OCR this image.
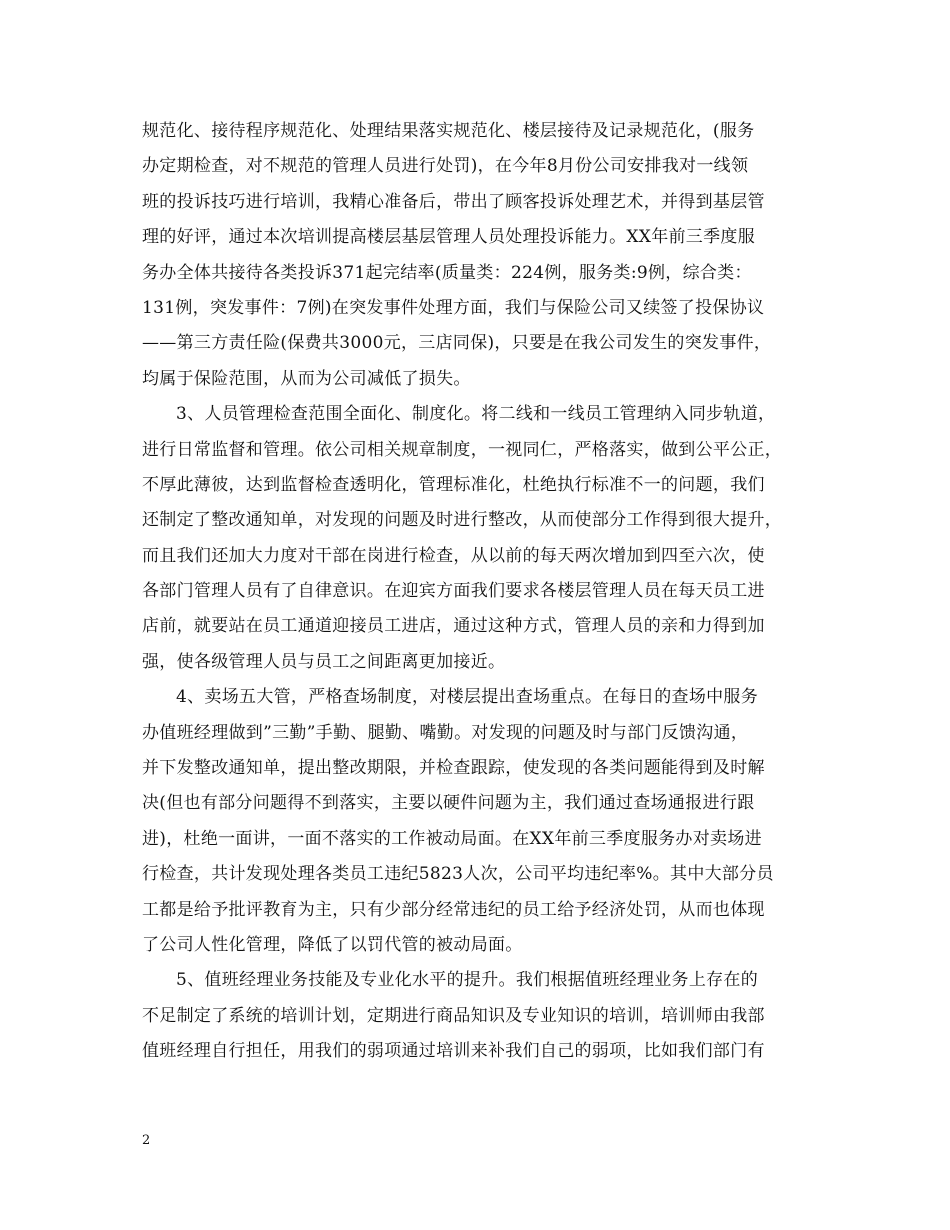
规范化、接待程序规范化、处理结果落实规范化、楼层接待及记录规范化，(服务
办定期检查，对不规范的管理人员进行处罚)，在今年8月份公司安排我对一线领
班的投诉技巧进行培训，我精心准备后，带出了顾客投诉处理艺术，并得到基层管
理的好评，通过本次培训提高楼层基层管理人员处理投诉能力。XX年前三季度服
务办全体共接待各类投诉371起完结率(质量类：224例，服务类:9例，综合类：
131例，突发事件：7例)在突发事件处理方面，我们与保险公司又续签了投保协议
——第三方责任险(保费共3000元，三店同保)，只要是在我公司发生的突发事件，
均属于保险范围，从而为公司减低了损失。
3、人员管理检查范围全面化、制度化。将二线和一线员工管理纳入同步轨道，
进行日常监督和管理。依公司相关规章制度，一视同仁，严格落实，做到公平公正，
不厚此薄彼，达到监督检查透明化，管理标准化，杜绝执行标准不一的问题，我们
还制定了整改通知单，对发现的问题及时进行整改，从而使部分工作得到很大提升，
而且我们还加大力度对干部在岗进行检查，从以前的每天两次增加到四至六次，使
各部门管理人员有了自律意识。在迎宾方面我们要求各楼层管理人员在每天员工进
店前，就要站在员工通道迎接员工进店，通过这种方式，管理人员的亲和力得到加
强，使各级管理人员与员工之间距离更加接近。
4、卖场五大管，严格查场制度，对楼层提出查场重点。在每日的查场中服务
办值班经理做到”三勤”手勤、腿勤、嘴勤。对发现的问题及时与部门反馈沟通，
并下发整改通知单，提出整改期限，并检查跟踪，使发现的各类问题能得到及时解
决(但也有部分问题得不到落实，主要以硬件问题为主，我们通过查场通报进行跟
进)，杜绝一面讲，一面不落实的工作被动局面。在XX年前三季度服务办对卖场进
行检查，共计发现处理各类员工违纪5823人次，公司平均违纪率%。其中大部分员
工都是给予批评教育为主，只有少部分经常违纪的员工给予经济处罚，从而也体现
了公司人性化管理，降低了以罚代管的被动局面。
5、值班经理业务技能及专业化水平的提升。我们根据值班经理业务上存在的
不足制定了系统的培训计划，定期进行商品知识及专业知识的培训，培训师由我部
值班经理自行担任，用我们的弱项通过培训来补我们自己的弱项，比如我们部门有
2
